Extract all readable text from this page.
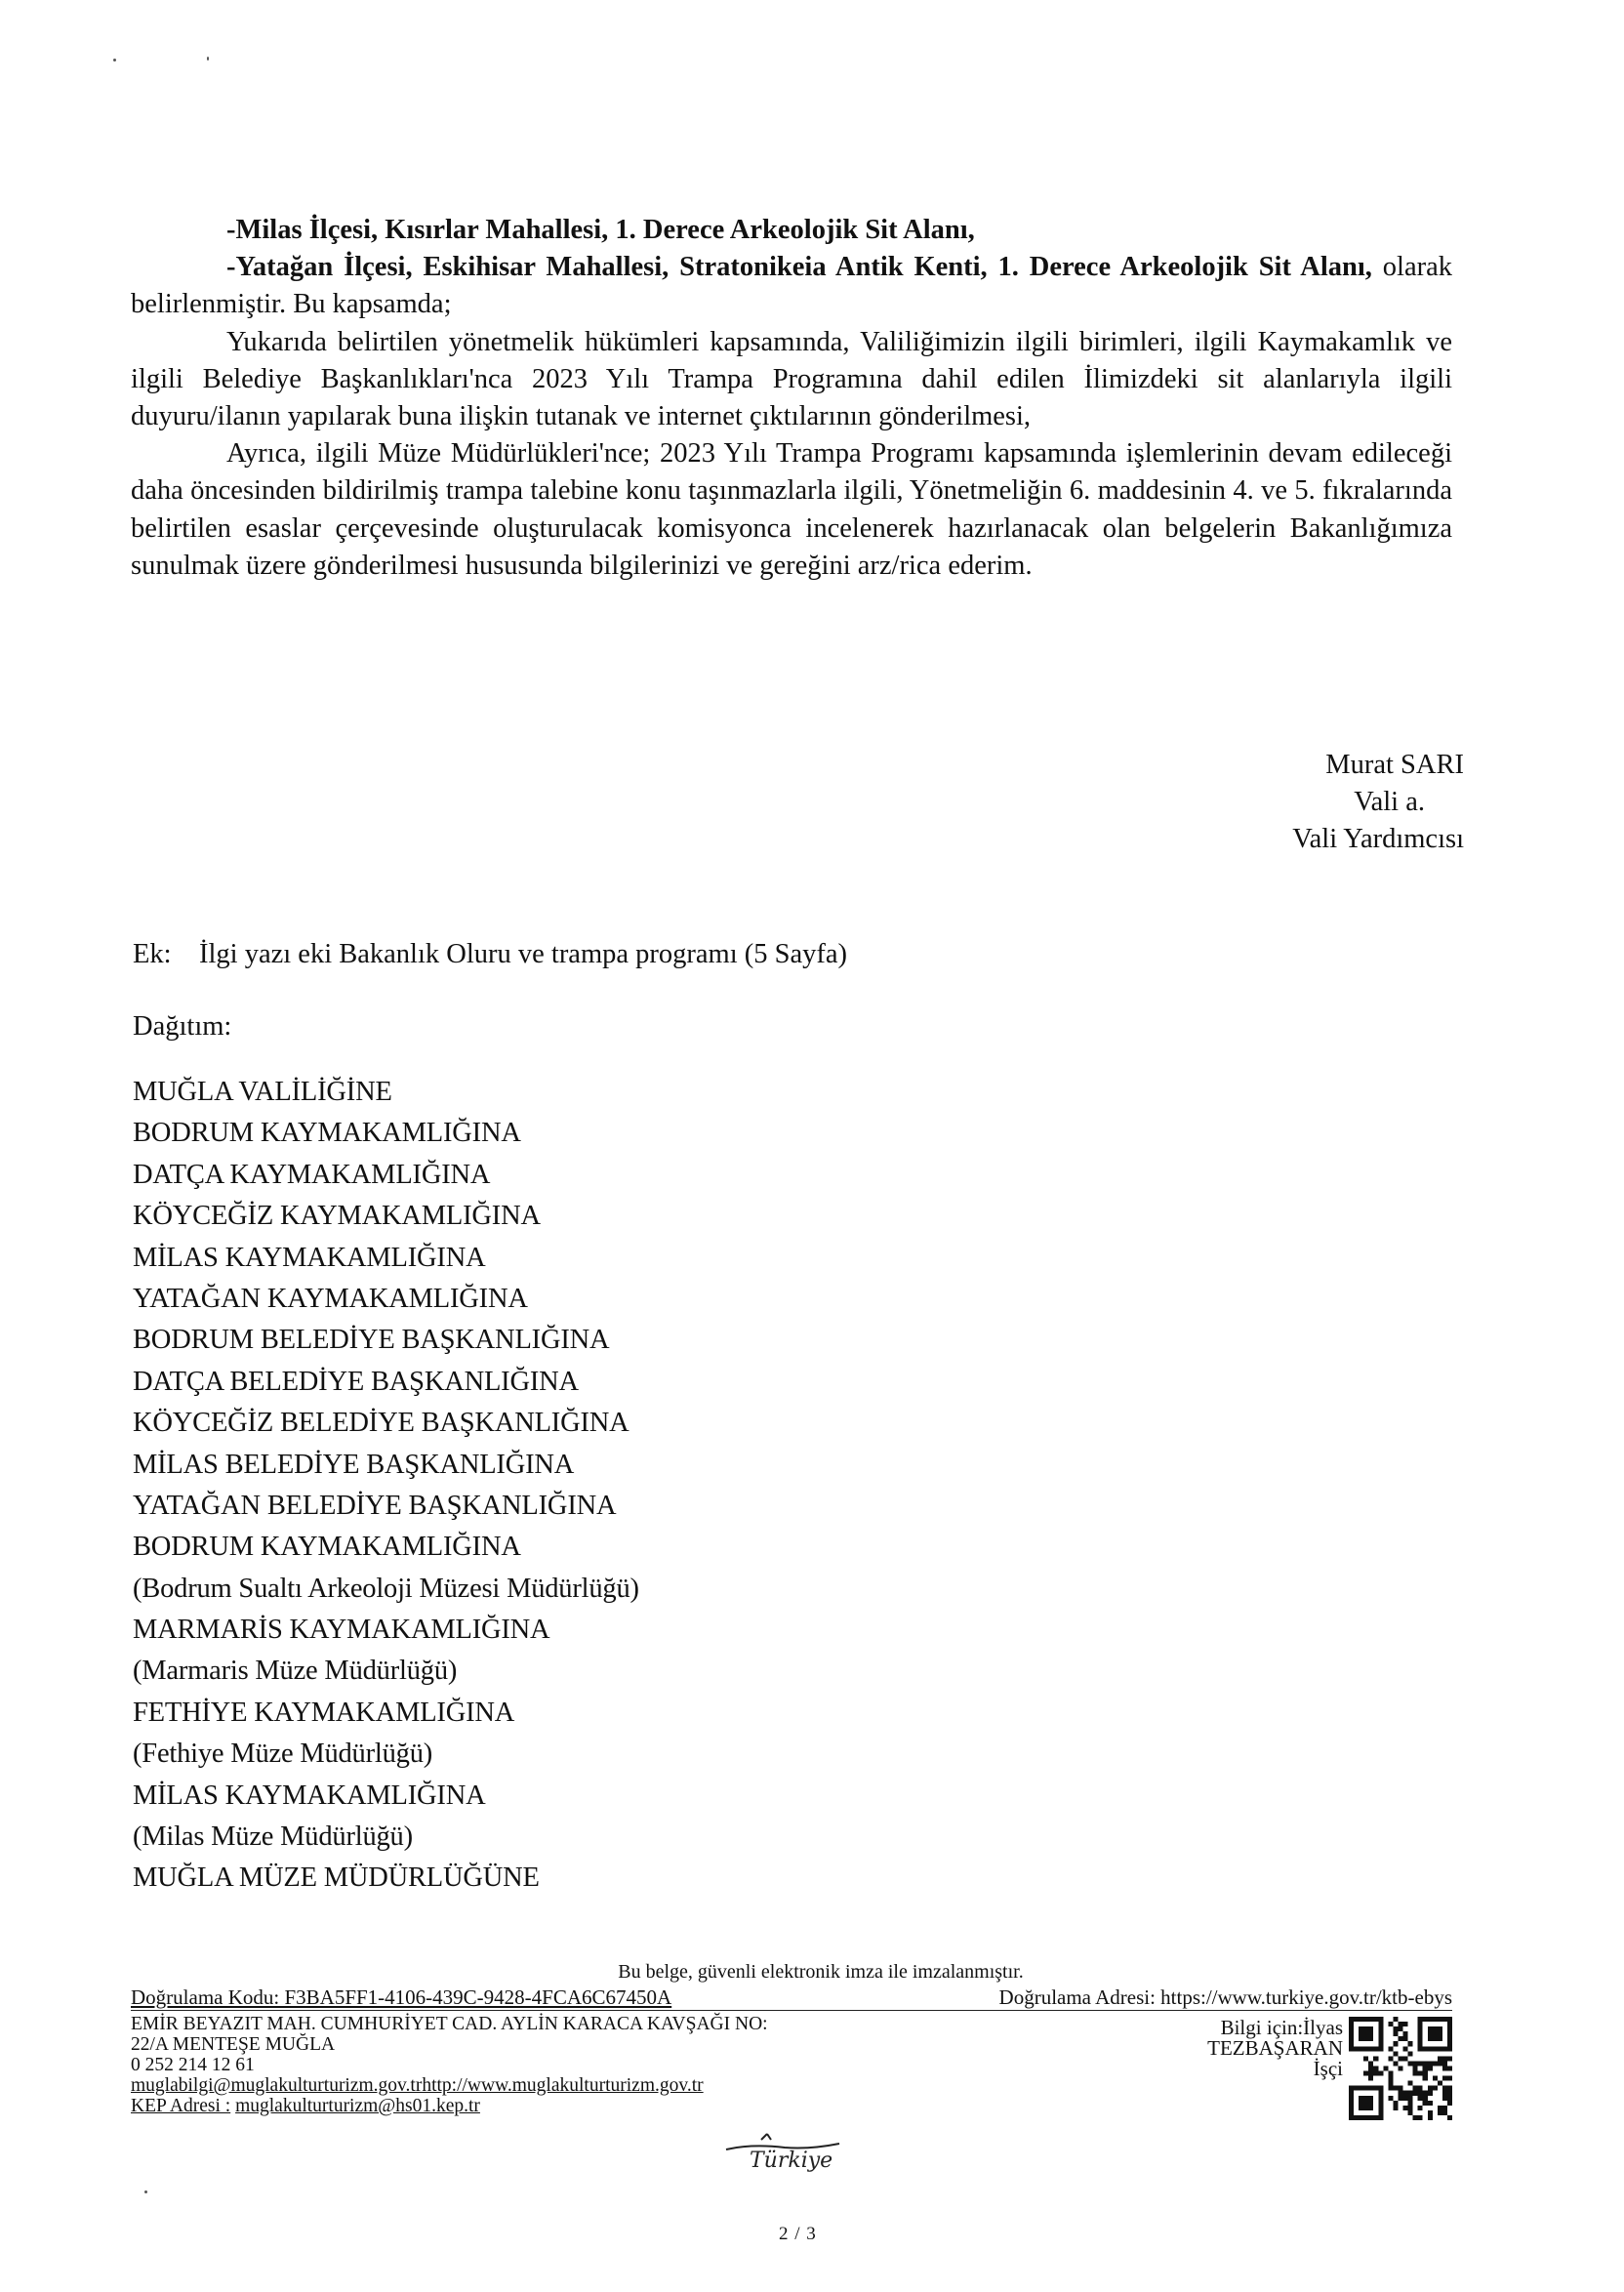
-Milas İlçesi, Kısırlar Mahallesi, 1. Derece Arkeolojik Sit Alanı,

-Yatağan İlçesi, Eskihisar Mahallesi, Stratonikeia Antik Kenti, 1. Derece Arkeolojik Sit Alanı, olarak belirlenmiştir. Bu kapsamda;

Yukarıda belirtilen yönetmelik hükümleri kapsamında, Valiliğimizin ilgili birimleri, ilgili Kaymakamlık ve ilgili Belediye Başkanlıkları'nca 2023 Yılı Trampa Programına dahil edilen İlimizdeki sit alanlarıyla ilgili duyuru/ilanın yapılarak buna ilişkin tutanak ve internet çıktılarının gönderilmesi,

Ayrıca, ilgili Müze Müdürlükleri'nce; 2023 Yılı Trampa Programı kapsamında işlemlerinin devam edileceği daha öncesinden bildirilmiş trampa talebine konu taşınmazlarla ilgili, Yönetmeliğin 6. maddesinin 4. ve 5. fıkralarında belirtilen esaslar çerçevesinde oluşturulacak komisyonca incelenerek hazırlanacak olan belgelerin Bakanlığımıza sunulmak üzere gönderilmesi hususunda bilgilerinizi ve gereğini arz/rica ederim.

Murat SARI
Vali a.
Vali Yardımcısı
Ek: İlgi yazı eki Bakanlık Oluru ve trampa programı (5 Sayfa)
Dağıtım:
MUĞLA VALİLİĞİNE
BODRUM KAYMAKAMLIĞINA
DATÇA KAYMAKAMLIĞINA
KÖYCEĞİZ KAYMAKAMLIĞINA
MİLAS KAYMAKAMLIĞINA
YATAĞAN KAYMAKAMLIĞINA
BODRUM BELEDİYE BAŞKANLIĞINA
DATÇA BELEDİYE BAŞKANLIĞINA
KÖYCEĞİZ BELEDİYE BAŞKANLIĞINA
MİLAS BELEDİYE BAŞKANLIĞINA
YATAĞAN BELEDİYE BAŞKANLIĞINA
BODRUM KAYMAKAMLIĞINA
(Bodrum Sualtı Arkeoloji Müzesi Müdürlüğü)
MARMARİS KAYMAKAMLIĞINA
(Marmaris Müze Müdürlüğü)
FETHİYE KAYMAKAMLIĞINA
(Fethiye Müze Müdürlüğü)
MİLAS KAYMAKAMLIĞINA
(Milas Müze Müdürlüğü)
MUĞLA MÜZE MÜDÜRLÜĞÜNE
Bu belge, güvenli elektronik imza ile imzalanmıştır.
Doğrulama Kodu: F3BA5FF1-4106-439C-9428-4FCA6C67450A	Doğrulama Adresi: https://www.turkiye.gov.tr/ktb-ebys
EMİR BEYAZIT MAH. CUMHURİYET CAD. AYLİN KARACA KAVŞAĞI NO:
22/A MENTEŞE MUĞLA
0 252 214 12 61
muglabilgi@muglakulturturizm.gov.trhttp://www.muglakulturturizm.gov.tr
KEP Adresi : muglakulturturizm@hs01.kep.tr
Bilgi için:İlyas
TEZBAŞARAN
İşçi
Türkiye
2 / 3
